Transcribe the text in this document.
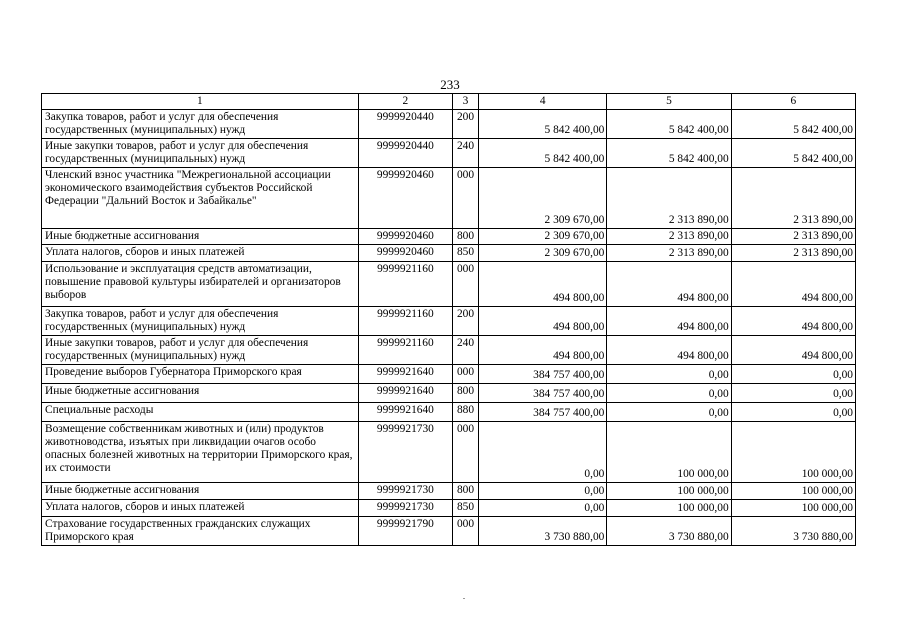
233
1	2	3	4	5	6
Закупка товаров, работ и услуг для обеспечения государственных (муниципальных) нужд	9999920440	200	5 842 400,00	5 842 400,00	5 842 400,00
Иные закупки товаров, работ и услуг для обеспечения государственных (муниципальных) нужд	9999920440	240	5 842 400,00	5 842 400,00	5 842 400,00
Членский взнос участника "Межрегиональной ассоциации экономического взаимодействия субъектов Российской Федерации "Дальний Восток и Забайкалье"	9999920460	000	2 309 670,00	2 313 890,00	2 313 890,00
Иные бюджетные ассигнования	9999920460	800	2 309 670,00	2 313 890,00	2 313 890,00
Уплата налогов, сборов и иных платежей	9999920460	850	2 309 670,00	2 313 890,00	2 313 890,00
Использование и эксплуатация средств автоматизации, повышение правовой культуры избирателей и организаторов выборов	9999921160	000	494 800,00	494 800,00	494 800,00
Закупка товаров, работ и услуг для обеспечения государственных (муниципальных) нужд	9999921160	200	494 800,00	494 800,00	494 800,00
Иные закупки товаров, работ и услуг для обеспечения государственных (муниципальных) нужд	9999921160	240	494 800,00	494 800,00	494 800,00
Проведение выборов Губернатора Приморского края	9999921640	000	384 757 400,00	0,00	0,00
Иные бюджетные ассигнования	9999921640	800	384 757 400,00	0,00	0,00
Специальные расходы	9999921640	880	384 757 400,00	0,00	0,00
Возмещение собственникам животных и (или) продуктов животноводства, изъятых при ликвидации очагов особо опасных болезней животных на территории Приморского края, их стоимости	9999921730	000	0,00	100 000,00	100 000,00
Иные бюджетные ассигнования	9999921730	800	0,00	100 000,00	100 000,00
Уплата налогов, сборов и иных платежей	9999921730	850	0,00	100 000,00	100 000,00
Страхование государственных гражданских служащих Приморского края	9999921790	000	3 730 880,00	3 730 880,00	3 730 880,00
